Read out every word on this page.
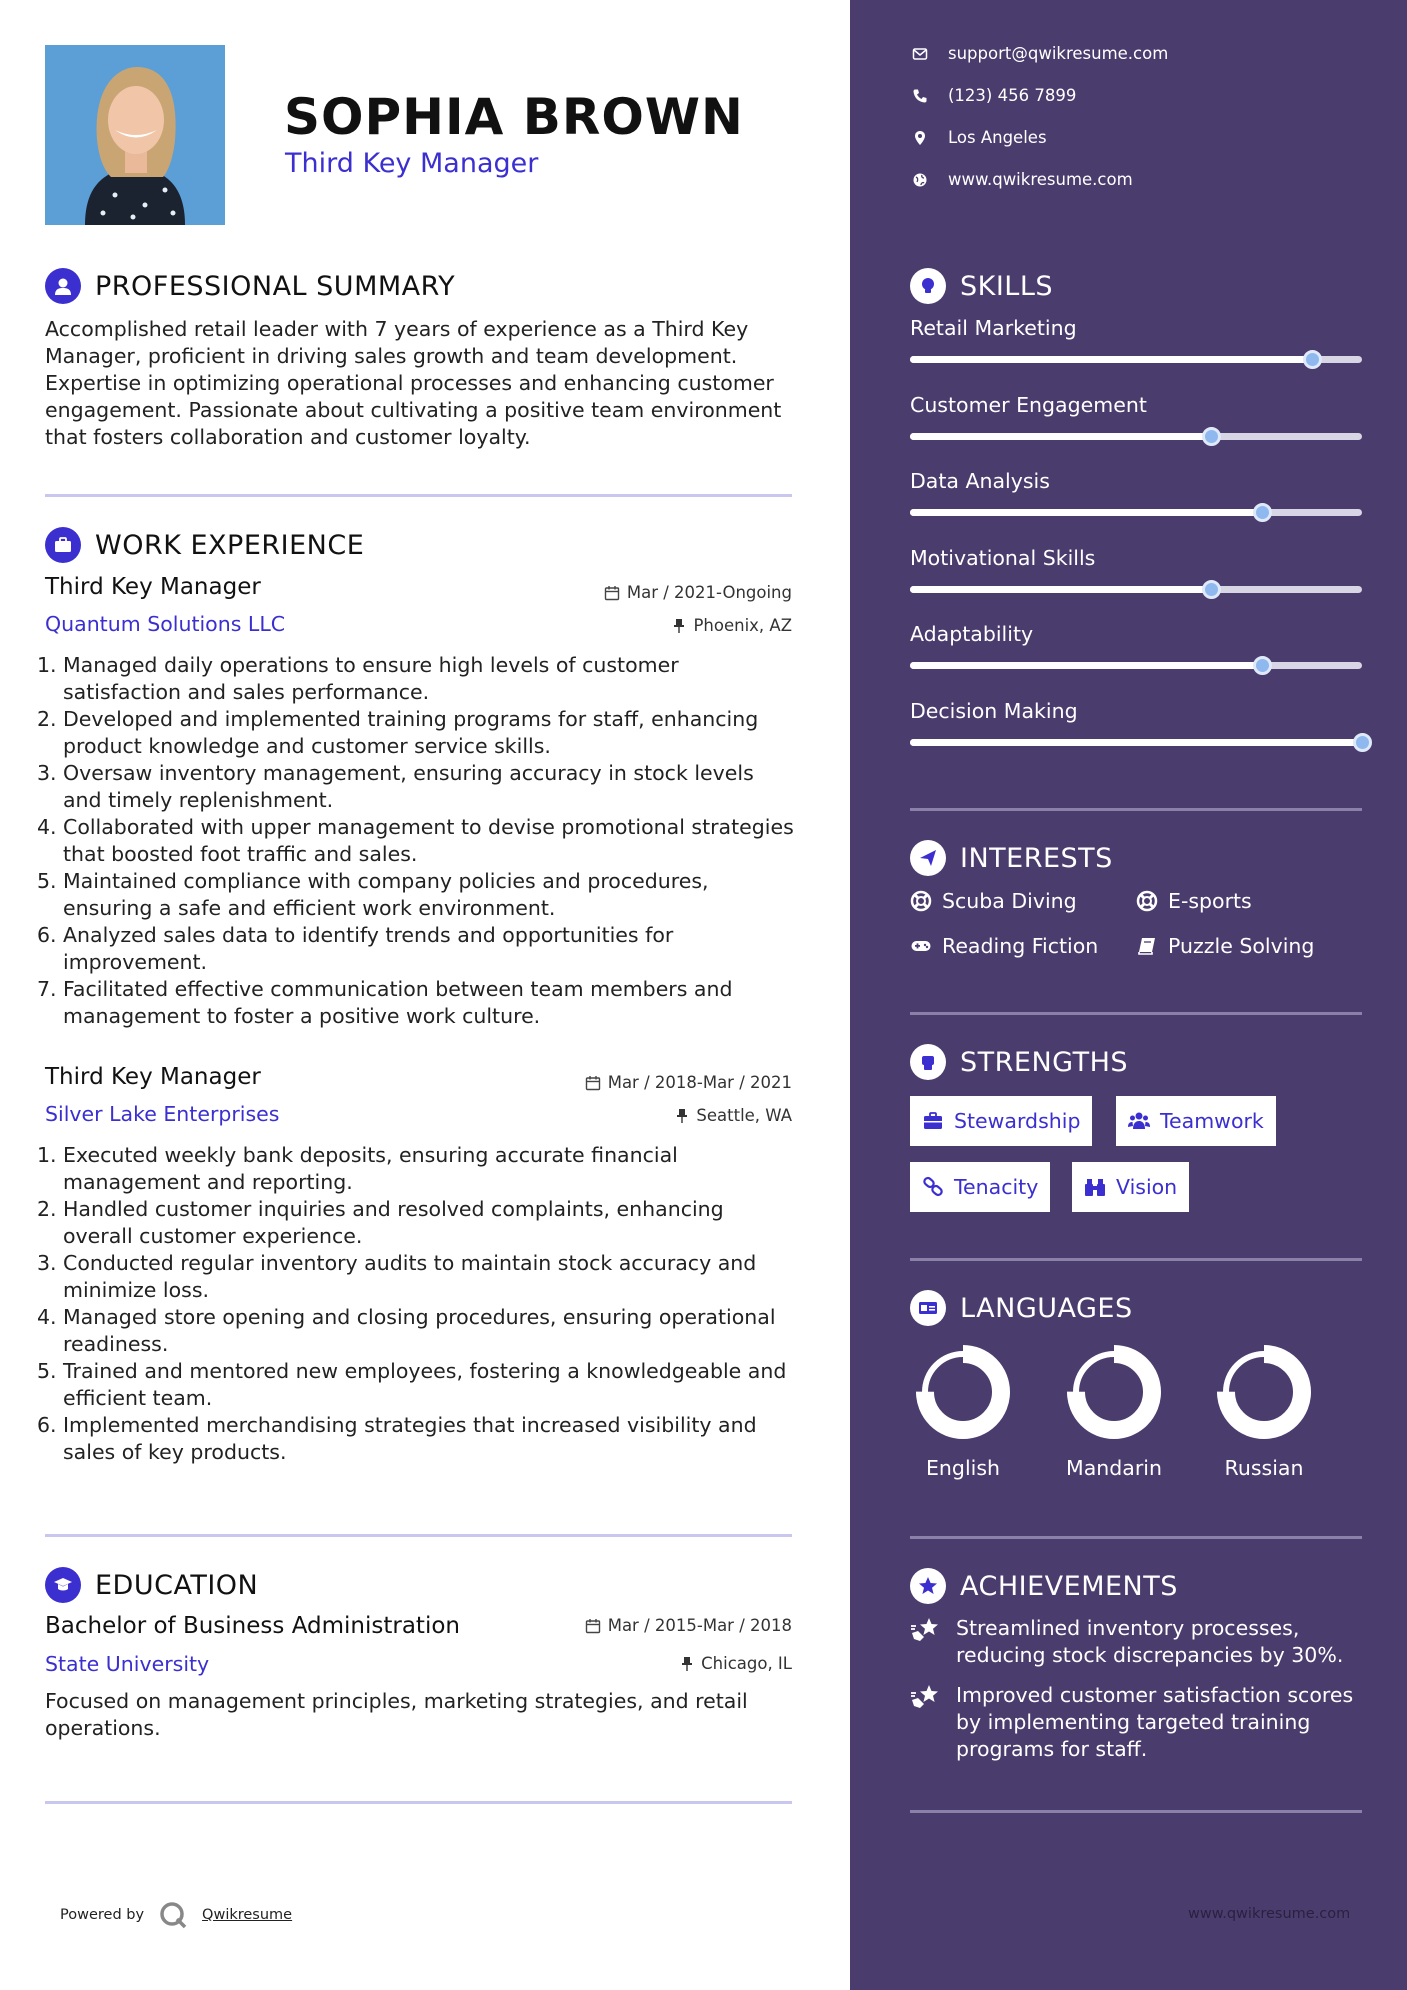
SOPHIA BROWN
Third Key Manager
PROFESSIONAL SUMMARY
Accomplished retail leader with 7 years of experience as a Third Key Manager, proficient in driving sales growth and team development. Expertise in optimizing operational processes and enhancing customer engagement. Passionate about cultivating a positive team environment that fosters collaboration and customer loyalty.
WORK EXPERIENCE
Third Key Manager	Mar / 2021-Ongoing
Quantum Solutions LLC	Phoenix, AZ
1. Managed daily operations to ensure high levels of customer satisfaction and sales performance.
2. Developed and implemented training programs for staff, enhancing product knowledge and customer service skills.
3. Oversaw inventory management, ensuring accuracy in stock levels and timely replenishment.
4. Collaborated with upper management to devise promotional strategies that boosted foot traffic and sales.
5. Maintained compliance with company policies and procedures, ensuring a safe and efficient work environment.
6. Analyzed sales data to identify trends and opportunities for improvement.
7. Facilitated effective communication between team members and management to foster a positive work culture.
Third Key Manager	Mar / 2018-Mar / 2021
Silver Lake Enterprises	Seattle, WA
1. Executed weekly bank deposits, ensuring accurate financial management and reporting.
2. Handled customer inquiries and resolved complaints, enhancing overall customer experience.
3. Conducted regular inventory audits to maintain stock accuracy and minimize loss.
4. Managed store opening and closing procedures, ensuring operational readiness.
5. Trained and mentored new employees, fostering a knowledgeable and efficient team.
6. Implemented merchandising strategies that increased visibility and sales of key products.
EDUCATION
Bachelor of Business Administration	Mar / 2015-Mar / 2018
State University	Chicago, IL
Focused on management principles, marketing strategies, and retail operations.
Powered by	Qwikresume
support@qwikresume.com
(123) 456 7899
Los Angeles
www.qwikresume.com
SKILLS
Retail Marketing
Customer Engagement
Data Analysis
Motivational Skills
Adaptability
Decision Making
INTERESTS
Scuba Diving	E-sports
Reading Fiction	Puzzle Solving
STRENGTHS
Stewardship	Teamwork
Tenacity	Vision
LANGUAGES
English	Mandarin	Russian
ACHIEVEMENTS
Streamlined inventory processes, reducing stock discrepancies by 30%.
Improved customer satisfaction scores by implementing targeted training programs for staff.
www.qwikresume.com
